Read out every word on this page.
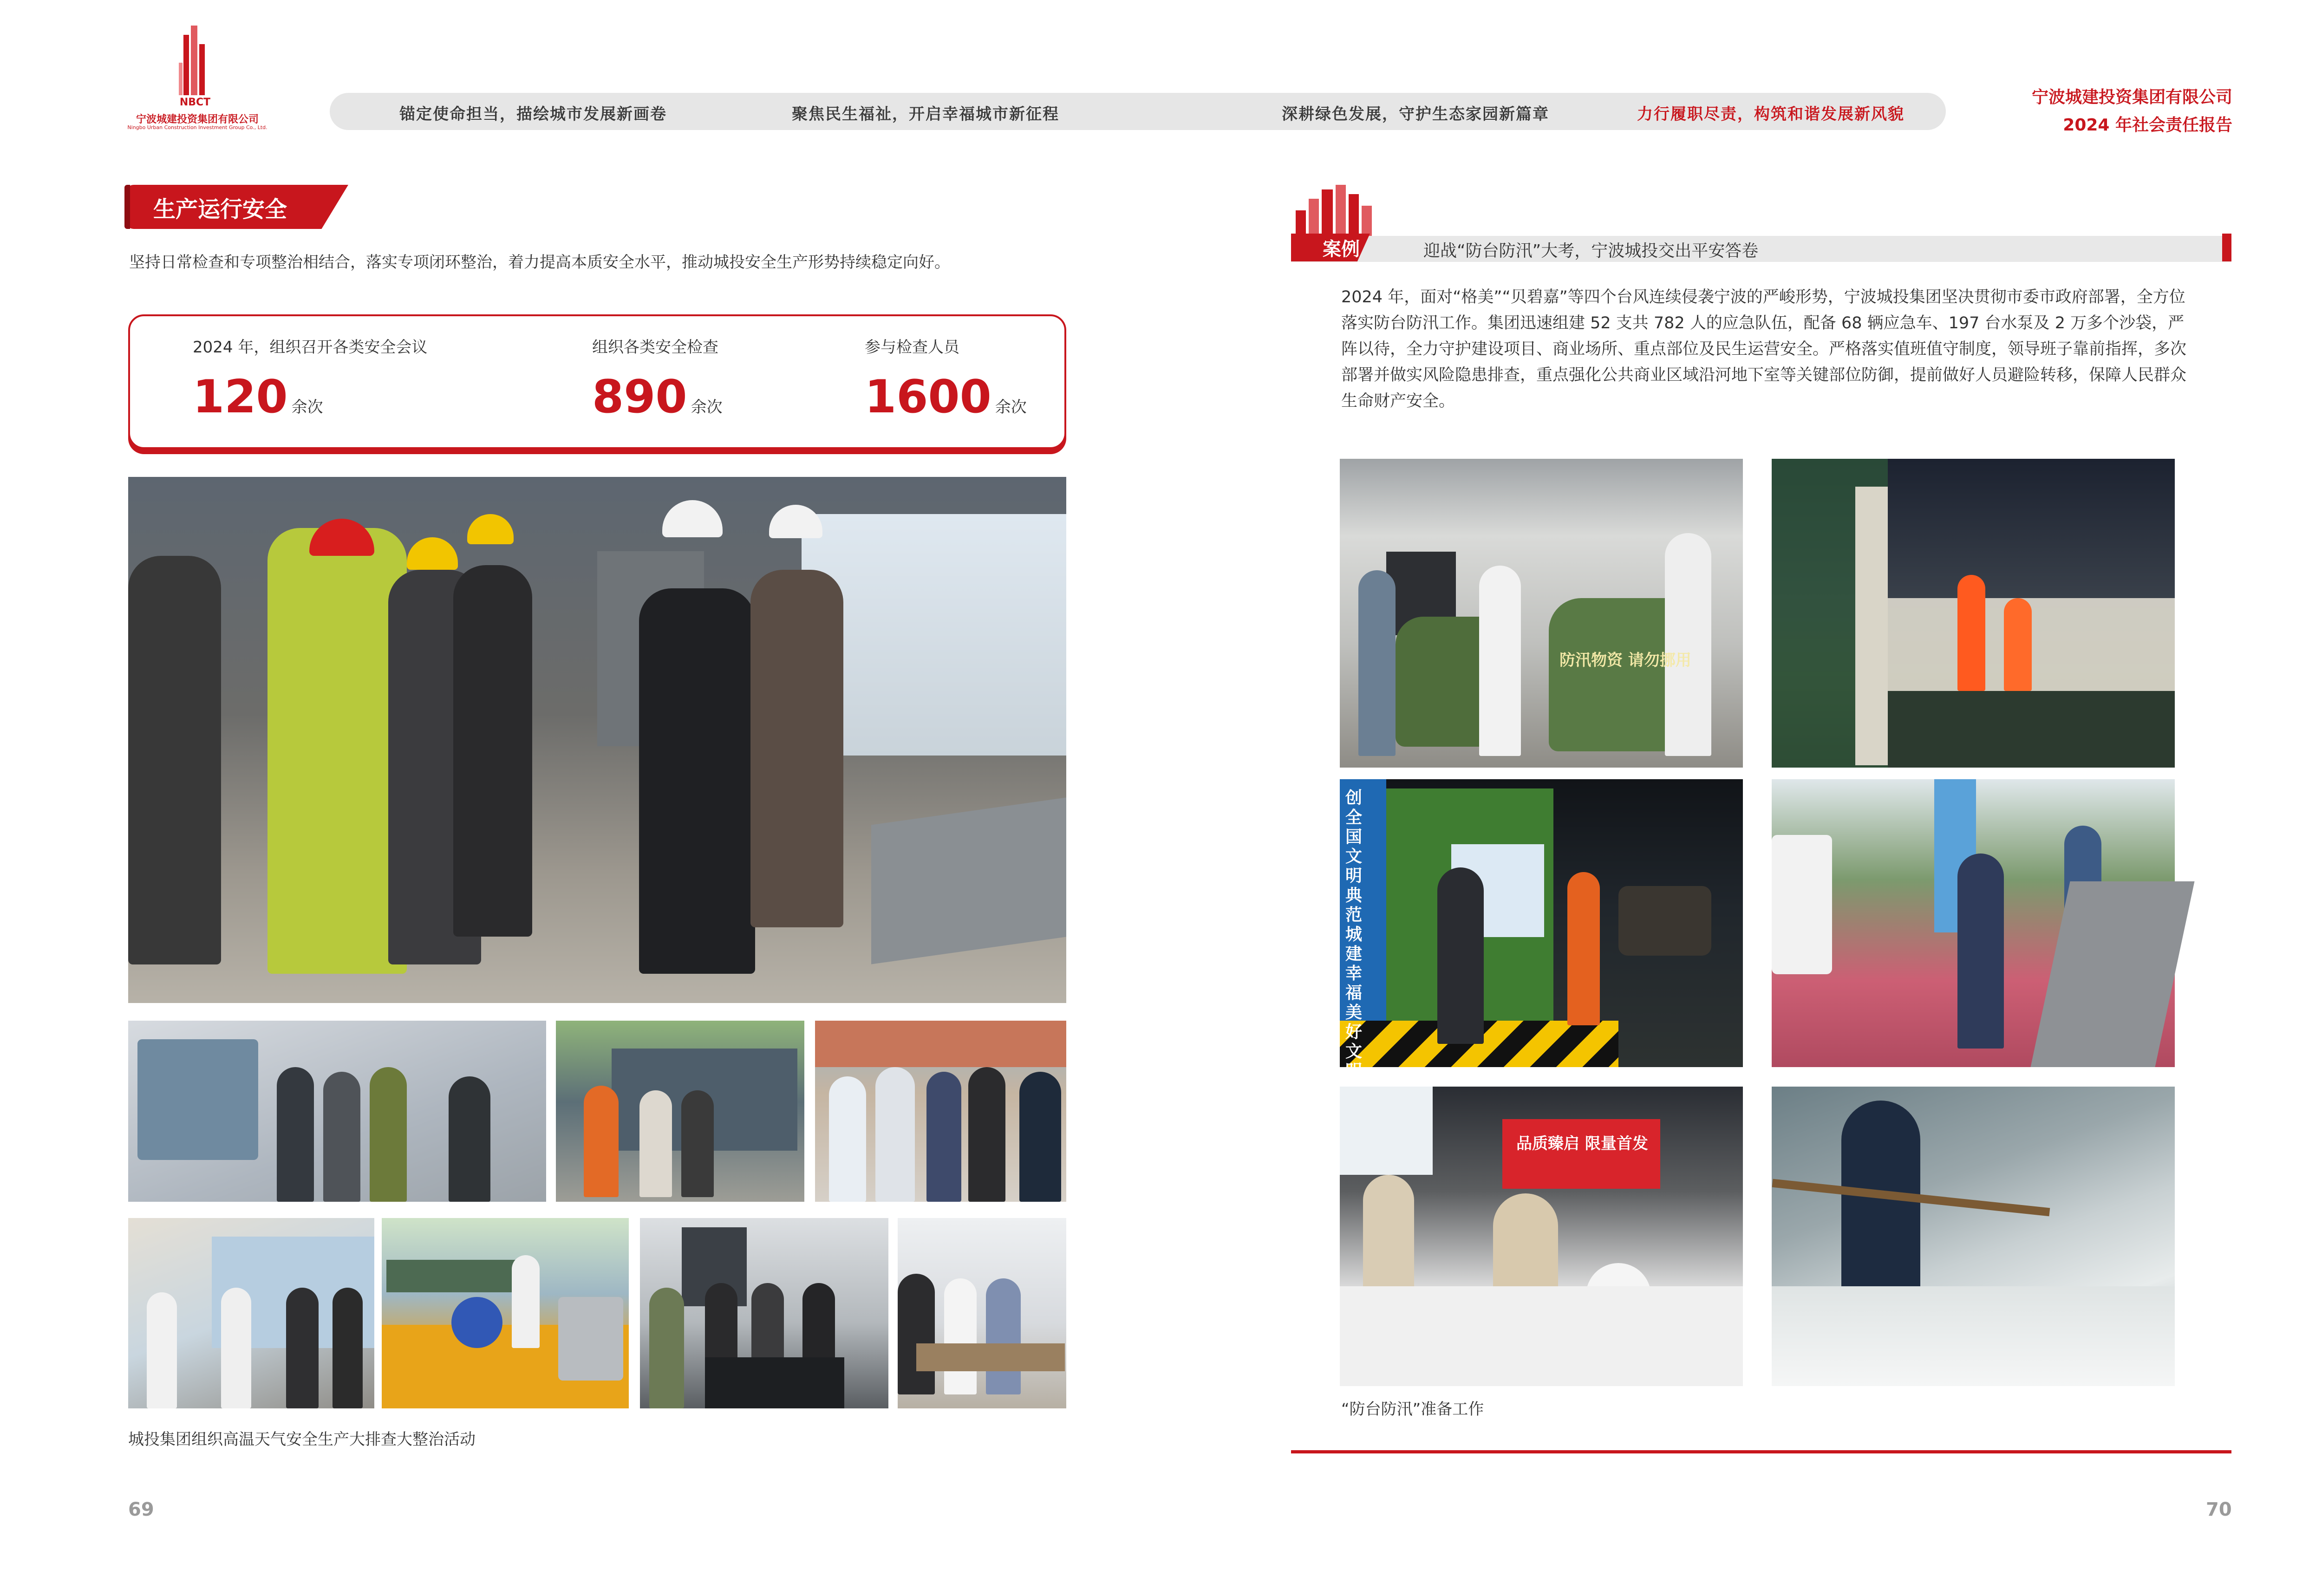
NBCT
宁波城建投资集团有限公司
Ningbo Urban Construction Investment Group Co., Ltd.
锚定使命担当，描绘城市发展新画卷	聚焦民生福祉，开启幸福城市新征程	深耕绿色发展，守护生态家园新篇章	力行履职尽责，构筑和谐发展新风貌
宁波城建投资集团有限公司
2024 年社会责任报告
生产运行安全
坚持日常检查和专项整治相结合，落实专项闭环整治，着力提高本质安全水平，推动城投安全生产形势持续稳定向好。
2024 年，组织召开各类安全会议
120 余次
组织各类安全检查
890 余次
参与检查人员
1600 余次
城投集团组织高温天气安全生产大排查大整治活动
69
案例	迎战“防台防汛”大考，宁波城投交出平安答卷
2024 年，面对“格美”“贝碧嘉”等四个台风连续侵袭宁波的严峻形势，宁波城投集团坚决贯彻市委市政府部署，全方位落实防台防汛工作。集团迅速组建 52 支共 782 人的应急队伍，配备 68 辆应急车、197 台水泵及 2 万多个沙袋，严阵以待，全力守护建设项目、商业场所、重点部位及民生运营安全。严格落实值班值守制度，领导班子靠前指挥，多次部署并做实风险隐患排查，重点强化公共商业区域沿河地下室等关键部位防御，提前做好人员避险转移，保障人民群众生命财产安全。
防汛物资 请勿挪用
创全国文明典范城 建幸福美好文明
品质臻启 限量首发
“防台防汛”准备工作
70
